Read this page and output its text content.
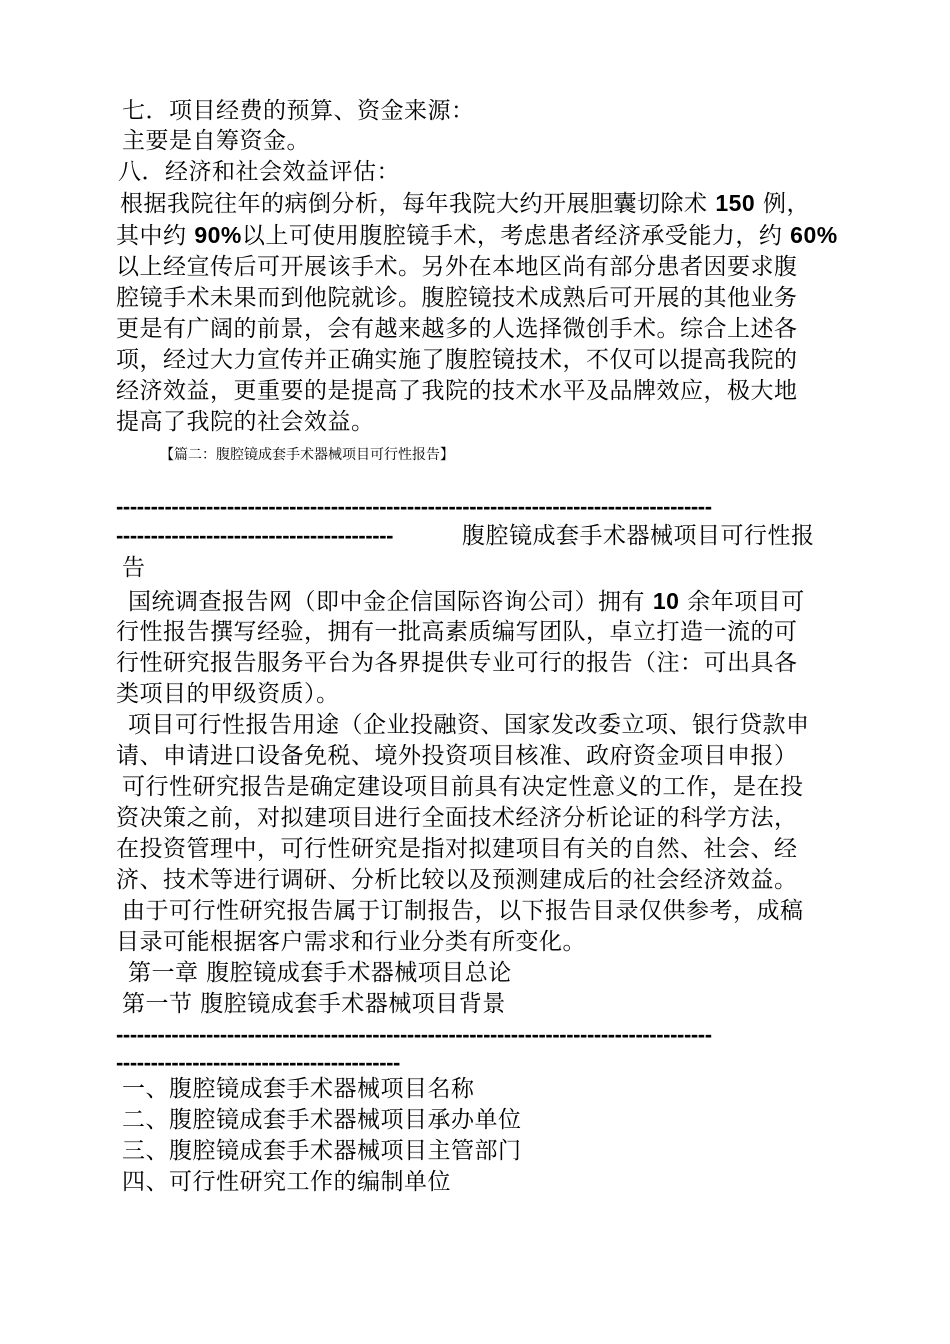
七．项目经费的预算、资金来源：
主要是自筹资金。
八．经济和社会效益评估：
根据我院往年的病倒分析，每年我院大约开展胆囊切除术 150 例，
其中约 90%以上可使用腹腔镜手术，考虑患者经济承受能力，约 60%
以上经宣传后可开展该手术。另外在本地区尚有部分患者因要求腹
腔镜手术未果而到他院就诊。腹腔镜技术成熟后可开展的其他业务
更是有广阔的前景，会有越来越多的人选择微创手术。综合上述各
项，经过大力宣传并正确实施了腹腔镜技术，不仅可以提高我院的
经济效益，更重要的是提高了我院的技术水平及品牌效应，极大地
提高了我院的社会效益。
【篇二：腹腔镜成套手术器械项目可行性报告】
--------------------------------------------------------------------------------------
----------------------------------------	腹腔镜成套手术器械项目可行性报
告
国统调查报告网（即中金企信国际咨询公司）拥有 10 余年项目可
行性报告撰写经验，拥有一批高素质编写团队，卓立打造一流的可
行性研究报告服务平台为各界提供专业可行的报告（注：可出具各
类项目的甲级资质）。
项目可行性报告用途（企业投融资、国家发改委立项、银行贷款申
请、申请进口设备免税、境外投资项目核准、政府资金项目申报）
可行性研究报告是确定建设项目前具有决定性意义的工作，是在投
资决策之前，对拟建项目进行全面技术经济分析论证的科学方法，
在投资管理中，可行性研究是指对拟建项目有关的自然、社会、经
济、技术等进行调研、分析比较以及预测建成后的社会经济效益。
由于可行性研究报告属于订制报告，以下报告目录仅供参考，成稿
目录可能根据客户需求和行业分类有所变化。
第一章 腹腔镜成套手术器械项目总论
第一节 腹腔镜成套手术器械项目背景
--------------------------------------------------------------------------------------
-----------------------------------------
一、腹腔镜成套手术器械项目名称
二、腹腔镜成套手术器械项目承办单位
三、腹腔镜成套手术器械项目主管部门
四、可行性研究工作的编制单位
